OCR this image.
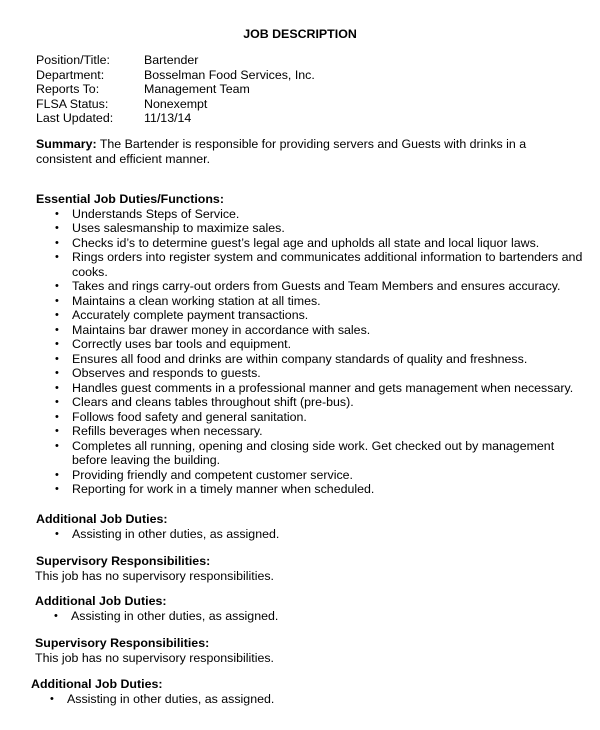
JOB DESCRIPTION
Position/Title:	Bartender
Department:	Bosselman Food Services, Inc.
Reports To:	Management Team
FLSA Status:	Nonexempt
Last Updated:	11/13/14
Summary: The Bartender is responsible for providing servers and Guests with drinks in a consistent and efficient manner.
Essential Job Duties/Functions:
• Understands Steps of Service.
• Uses salesmanship to maximize sales.
• Checks id’s to determine guest’s legal age and upholds all state and local liquor laws.
• Rings orders into register system and communicates additional information to bartenders and cooks.
• Takes and rings carry-out orders from Guests and Team Members and ensures accuracy.
• Maintains a clean working station at all times.
• Accurately complete payment transactions.
• Maintains bar drawer money in accordance with sales.
• Correctly uses bar tools and equipment.
• Ensures all food and drinks are within company standards of quality and freshness.
• Observes and responds to guests.
• Handles guest comments in a professional manner and gets management when necessary.
• Clears and cleans tables throughout shift (pre-bus).
• Follows food safety and general sanitation.
• Refills beverages when necessary.
• Completes all running, opening and closing side work. Get checked out by management before leaving the building.
• Providing friendly and competent customer service.
• Reporting for work in a timely manner when scheduled.
Additional Job Duties:
• Assisting in other duties, as assigned.
Supervisory Responsibilities:
This job has no supervisory responsibilities.
Additional Job Duties:
• Assisting in other duties, as assigned.
Supervisory Responsibilities:
This job has no supervisory responsibilities.
Additional Job Duties:
• Assisting in other duties, as assigned.
